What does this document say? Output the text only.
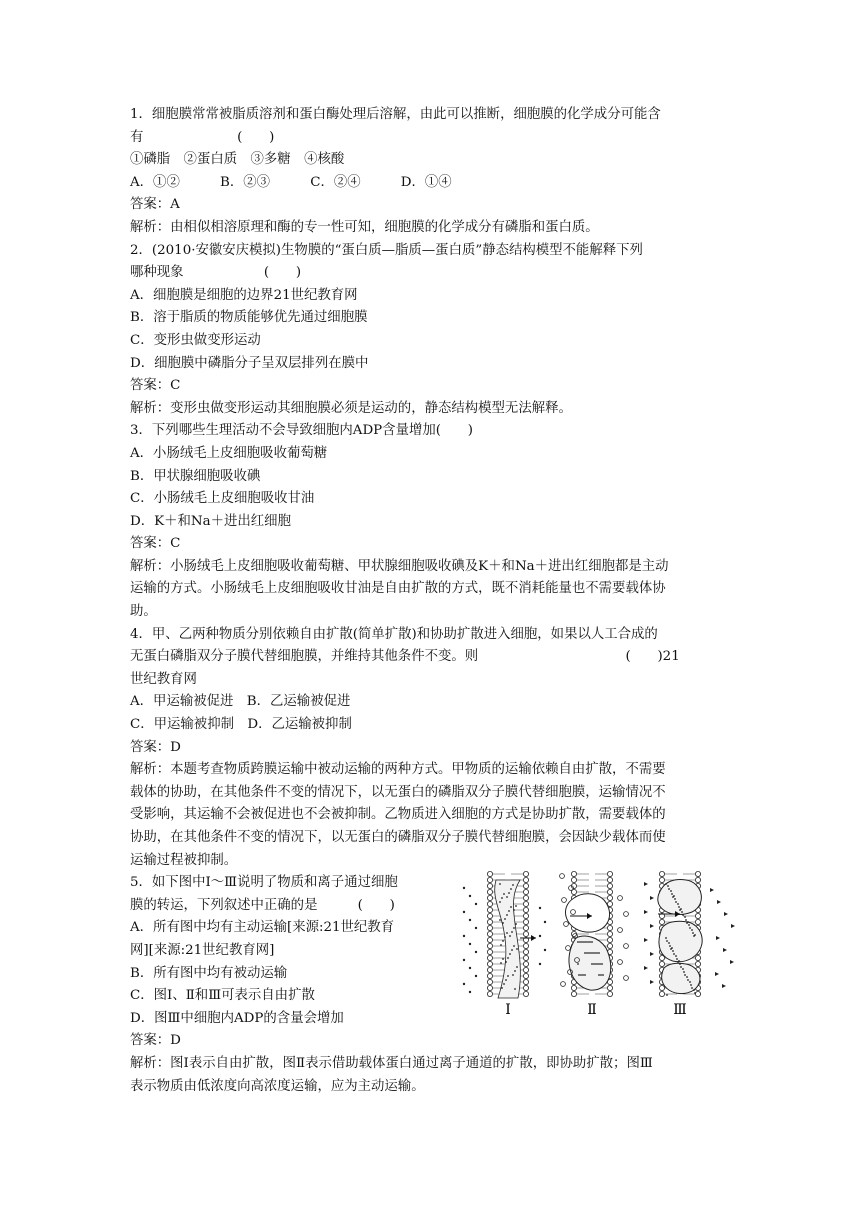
1．细胞膜常常被脂质溶剂和蛋白酶处理后溶解，由此可以推断，细胞膜的化学成分可能含
有　　　　　　　(　　)
①磷脂　②蛋白质　③多糖　④核酸
A．①②　　　B．②③　　　C．②④　　　D．①④
答案：A
解析：由相似相溶原理和酶的专一性可知，细胞膜的化学成分有磷脂和蛋白质。
2．(2010·安徽安庆模拟)生物膜的“蛋白质—脂质—蛋白质”静态结构模型不能解释下列
哪种现象　　　　　　(　　)
A．细胞膜是细胞的边界21世纪教育网
B．溶于脂质的物质能够优先通过细胞膜
C．变形虫做变形运动
D．细胞膜中磷脂分子呈双层排列在膜中
答案：C
解析：变形虫做变形运动其细胞膜必须是运动的，静态结构模型无法解释。
3．下列哪些生理活动不会导致细胞内ADP含量增加(　　)
A．小肠绒毛上皮细胞吸收葡萄糖
B．甲状腺细胞吸收碘
C．小肠绒毛上皮细胞吸收甘油
D．K＋和Na＋进出红细胞
答案：C
解析：小肠绒毛上皮细胞吸收葡萄糖、甲状腺细胞吸收碘及K＋和Na＋进出红细胞都是主动
运输的方式。小肠绒毛上皮细胞吸收甘油是自由扩散的方式，既不消耗能量也不需要载体协
助。
4．甲、乙两种物质分别依赖自由扩散(简单扩散)和协助扩散进入细胞，如果以人工合成的
无蛋白磷脂双分子膜代替细胞膜，并维持其他条件不变。则　　　　　　　　　　　(　　)21
世纪教育网
A．甲运输被促进　B．乙运输被促进
C．甲运输被抑制　D．乙运输被抑制
答案：D
解析：本题考查物质跨膜运输中被动运输的两种方式。甲物质的运输依赖自由扩散，不需要
载体的协助，在其他条件不变的情况下，以无蛋白的磷脂双分子膜代替细胞膜，运输情况不
受影响，其运输不会被促进也不会被抑制。乙物质进入细胞的方式是协助扩散，需要载体的
协助，在其他条件不变的情况下，以无蛋白的磷脂双分子膜代替细胞膜，会因缺少载体而使
运输过程被抑制。
5．如下图中Ⅰ～Ⅲ说明了物质和离子通过细胞
膜的转运，下列叙述中正确的是　　　(　　)
A．所有图中均有主动运输[来源:21世纪教育
网][来源:21世纪教育网]
B．所有图中均有被动运输
C．图Ⅰ、Ⅱ和Ⅲ可表示自由扩散
D．图Ⅲ中细胞内ADP的含量会增加
答案：D
解析：图Ⅰ表示自由扩散，图Ⅱ表示借助载体蛋白通过离子通道的扩散，即协助扩散；图Ⅲ
表示物质由低浓度向高浓度运输，应为主动运输。
Ⅰ	Ⅱ	Ⅲ
